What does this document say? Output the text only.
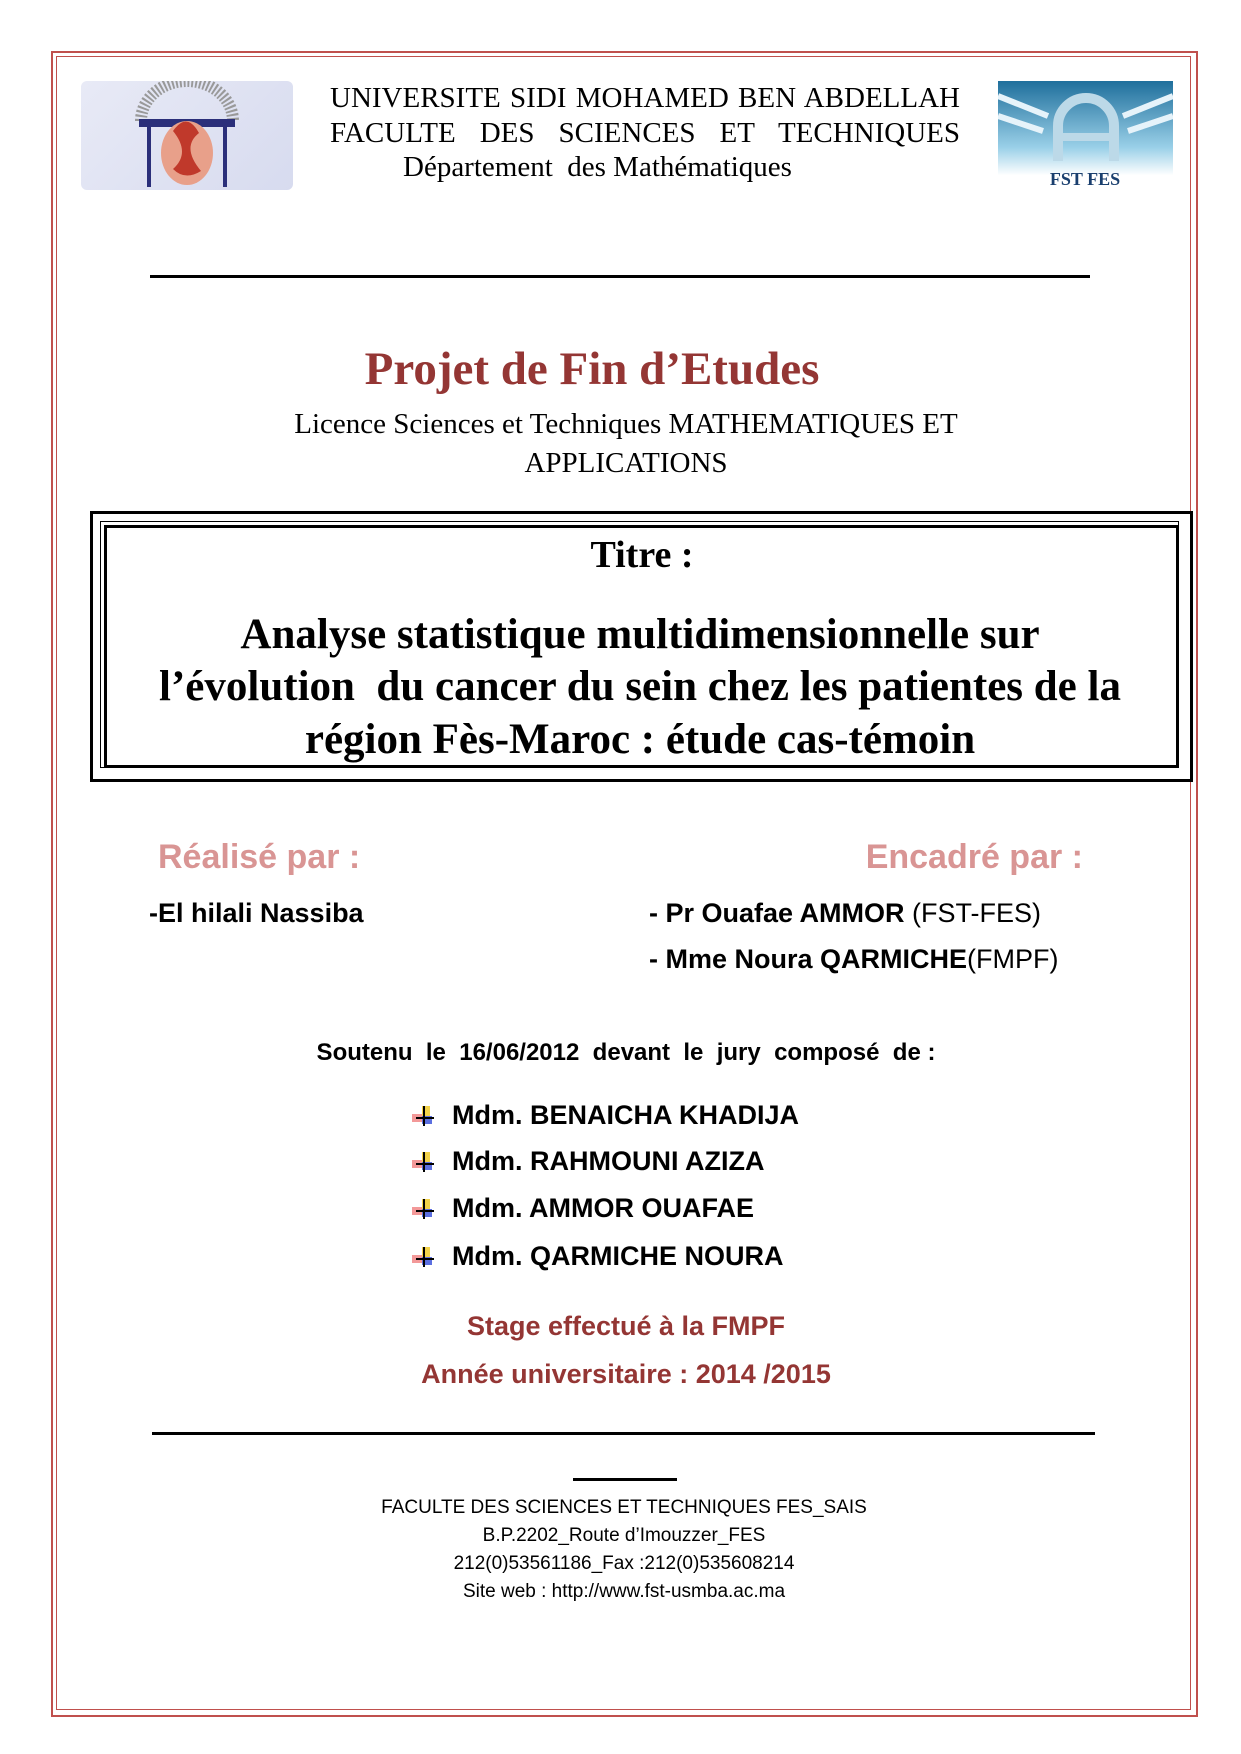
FST FES
UNIVERSITE SIDI MOHAMED BEN ABDELLAH
FACULTE DES SCIENCES ET TECHNIQUES
Département  des Mathématiques
Projet de Fin d’Etudes
Licence Sciences et Techniques MATHEMATIQUES ET
APPLICATIONS
Titre :
Analyse statistique multidimensionnelle sur
l’évolution  du cancer du sein chez les patientes de la
région Fès-Maroc : étude cas-témoin
Réalisé par :	Encadré par :
-El hilali Nassiba	- Pr Ouafae AMMOR (FST-FES)
- Mme Noura QARMICHE(FMPF)
Soutenu  le  16/06/2012  devant  le  jury  composé  de :
Mdm. BENAICHA KHADIJA
Mdm. RAHMOUNI AZIZA
Mdm. AMMOR OUAFAE
Mdm. QARMICHE NOURA
Stage effectué à la FMPF
Année universitaire : 2014 /2015
FACULTE DES SCIENCES ET TECHNIQUES FES_SAIS
B.P.2202_Route d’Imouzzer_FES
212(0)53561186_Fax :212(0)535608214
Site web : http://www.fst-usmba.ac.ma
